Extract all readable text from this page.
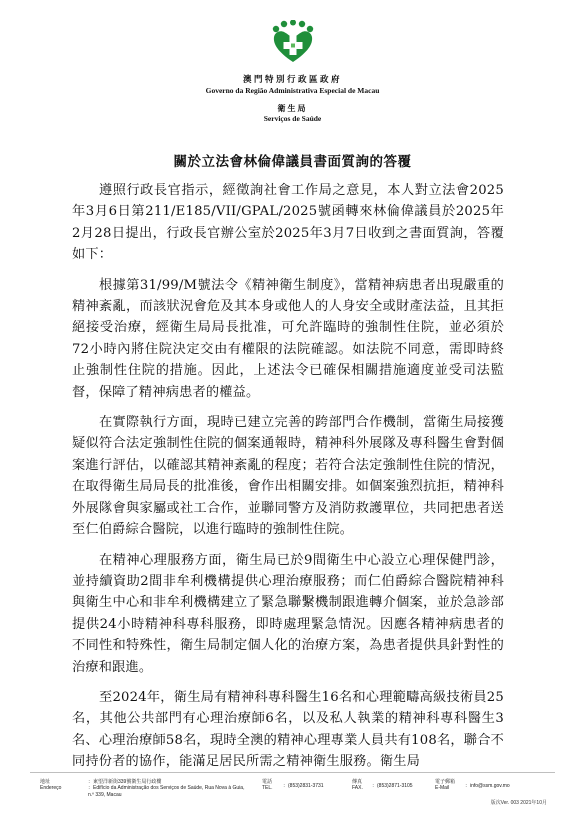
澳門特別行政區政府
Governo da Região Administrativa Especial de Macau
衛生局
Serviços de Saúde
關於立法會林倫偉議員書面質詢的答覆

遵照行政長官指示，經徵詢社會工作局之意見，本人對立法會2025年3月6日第211/E185/VII/GPAL/2025號函轉來林倫偉議員於2025年2月28日提出，行政長官辦公室於2025年3月7日收到之書面質詢，答覆如下：

根據第31/99/M號法令《精神衛生制度》，當精神病患者出現嚴重的精神紊亂，而該狀況會危及其本身或他人的人身安全或財產法益，且其拒絕接受治療，經衛生局局長批准，可允許臨時的強制性住院，並必須於72小時內將住院決定交由有權限的法院確認。如法院不同意，需即時終止強制性住院的措施。因此，上述法令已確保相關措施適度並受司法監督，保障了精神病患者的權益。

在實際執行方面，現時已建立完善的跨部門合作機制，當衛生局接獲疑似符合法定強制性住院的個案通報時，精神科外展隊及專科醫生會對個案進行評估，以確認其精神紊亂的程度；若符合法定強制性住院的情況，在取得衛生局局長的批准後，會作出相關安排。如個案強烈抗拒，精神科外展隊會與家屬或社工合作，並聯同警方及消防救護單位，共同把患者送至仁伯爵綜合醫院，以進行臨時的強制性住院。

在精神心理服務方面，衛生局已於9間衛生中心設立心理保健門診，並持續資助2間非牟利機構提供心理治療服務；而仁伯爵綜合醫院精神科與衛生中心和非牟利機構建立了緊急聯繫機制跟進轉介個案，並於急診部提供24小時精神科專科服務，即時處理緊急情況。因應各精神病患者的不同性和特殊性，衛生局制定個人化的治療方案，為患者提供具針對性的治療和跟進。

至2024年，衛生局有精神科專科醫生16名和心理範疇高級技術員25名，其他公共部門有心理治療師6名，以及私人執業的精神科專科醫生3名、心理治療師58名，現時全澳的精神心理專業人員共有108名，聯合不同持份者的協作，能滿足居民所需之精神衛生服務。衛生局

地址
Endereço
：東望洋新街339號衛生局行政樓
：Edifício da Administração dos Serviços de Saúde, Rua Nova à Guia, n.º 339, Macau
電話
TEL. ：(853)2831-3731
傳真
FAX. ：(853)2871-3105
電子郵箱
E-Mail	：info@ssm.gov.mo
版次Ver. 003 2021年10月
